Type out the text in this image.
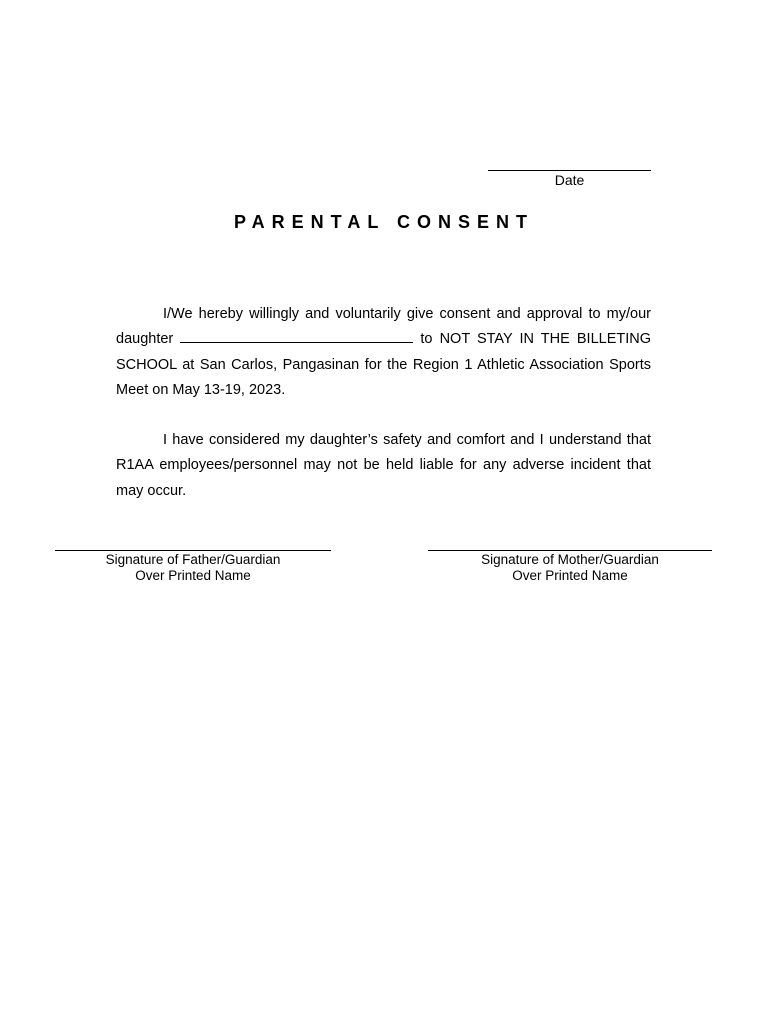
Date
PARENTAL CONSENT

I/We hereby willingly and voluntarily give consent and approval to my/our daughter	to NOT STAY IN THE BILLETING SCHOOL at San Carlos, Pangasinan for the Region 1 Athletic Association Sports Meet on May 13-19, 2023.

I have considered my daughter’s safety and comfort and I understand that R1AA employees/personnel may not be held liable for any adverse incident that may occur.

Signature of Father/Guardian
Over Printed Name
Signature of Mother/Guardian
Over Printed Name
